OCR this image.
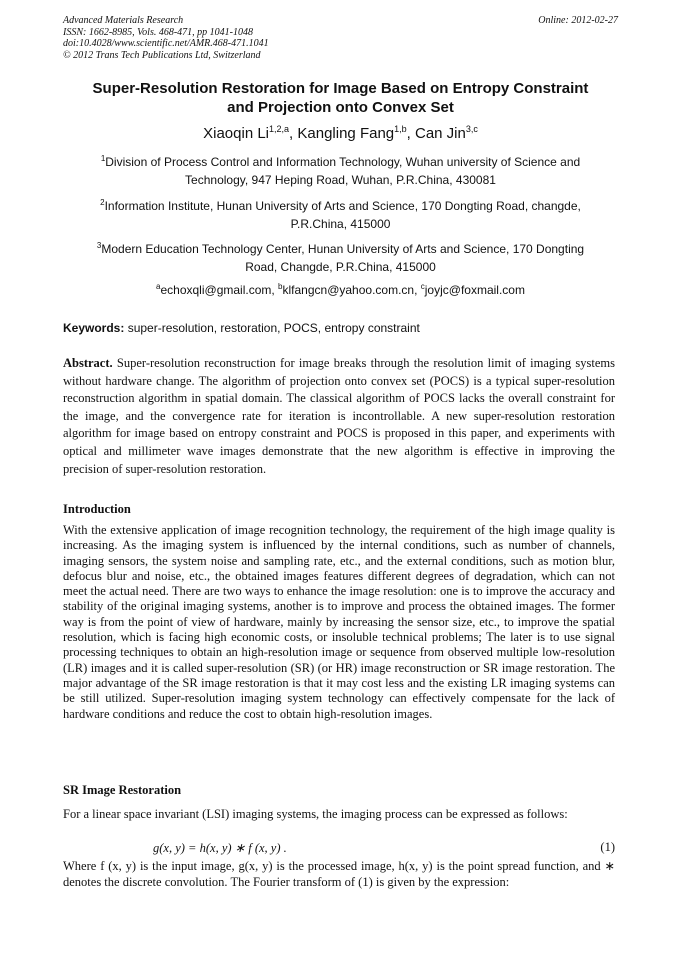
Advanced Materials Research
ISSN: 1662-8985, Vols. 468-471, pp 1041-1048
doi:10.4028/www.scientific.net/AMR.468-471.1041
© 2012 Trans Tech Publications Ltd, Switzerland
Online: 2012-02-27
Super-Resolution Restoration for Image Based on Entropy Constraint
and Projection onto Convex Set
Xiaoqin Li$^{1,2,a}$, Kangling Fang$^{1,b}$, Can Jin$^{3,c}$
$^1$Division of Process Control and Information Technology, Wuhan university of Science and
Technology, 947 Heping Road, Wuhan, P.R.China, 430081
$^2$Information Institute, Hunan University of Arts and Science, 170 Dongting Road, changde,
P.R.China, 415000
$^3$Modern Education Technology Center, Hunan University of Arts and Science, 170 Dongting
Road, Changde, P.R.China, 415000
$^a$echoxqli@gmail.com, $^b$klfangcn@yahoo.com.cn, $^c$joyjc@foxmail.com
Keywords: super-resolution, restoration, POCS, entropy constraint
Abstract. Super-resolution reconstruction for image breaks through the resolution limit of imaging systems without hardware change. The algorithm of projection onto convex set (POCS) is a typical super-resolution reconstruction algorithm in spatial domain. The classical algorithm of POCS lacks the overall constraint for the image, and the convergence rate for iteration is incontrollable. A new super-resolution restoration algorithm for image based on entropy constraint and POCS is proposed in this paper, and experiments with optical and millimeter wave images demonstrate that the new algorithm is effective in improving the precision of super-resolution restoration.
Introduction
With the extensive application of image recognition technology, the requirement of the high image quality is increasing. As the imaging system is influenced by the internal conditions, such as number of channels, imaging sensors, the system noise and sampling rate, etc., and the external conditions, such as motion blur, defocus blur and noise, etc., the obtained images features different degrees of degradation, which can not meet the actual need. There are two ways to enhance the image resolution: one is to improve the accuracy and stability of the original imaging systems, another is to improve and process the obtained images. The former way is from the point of view of hardware, mainly by increasing the sensor size, etc., to improve the spatial resolution, which is facing high economic costs, or insoluble technical problems; The later is to use signal processing techniques to obtain an high-resolution image or sequence from observed multiple low-resolution (LR) images and it is called super-resolution (SR) (or HR) image reconstruction or SR image restoration. The major advantage of the SR image restoration is that it may cost less and the existing LR imaging systems can be still utilized. Super-resolution imaging system technology can effectively compensate for the lack of hardware conditions and reduce the cost to obtain high-resolution images.
SR Image Restoration
For a linear space invariant (LSI) imaging systems, the imaging process can be expressed as follows:
g(x, y) = h(x, y) ∗ f (x, y) .	(1)
Where f (x, y) is the input image, g(x, y) is the processed image, h(x, y) is the point spread function, and ∗ denotes the discrete convolution. The Fourier transform of (1) is given by the expression:
